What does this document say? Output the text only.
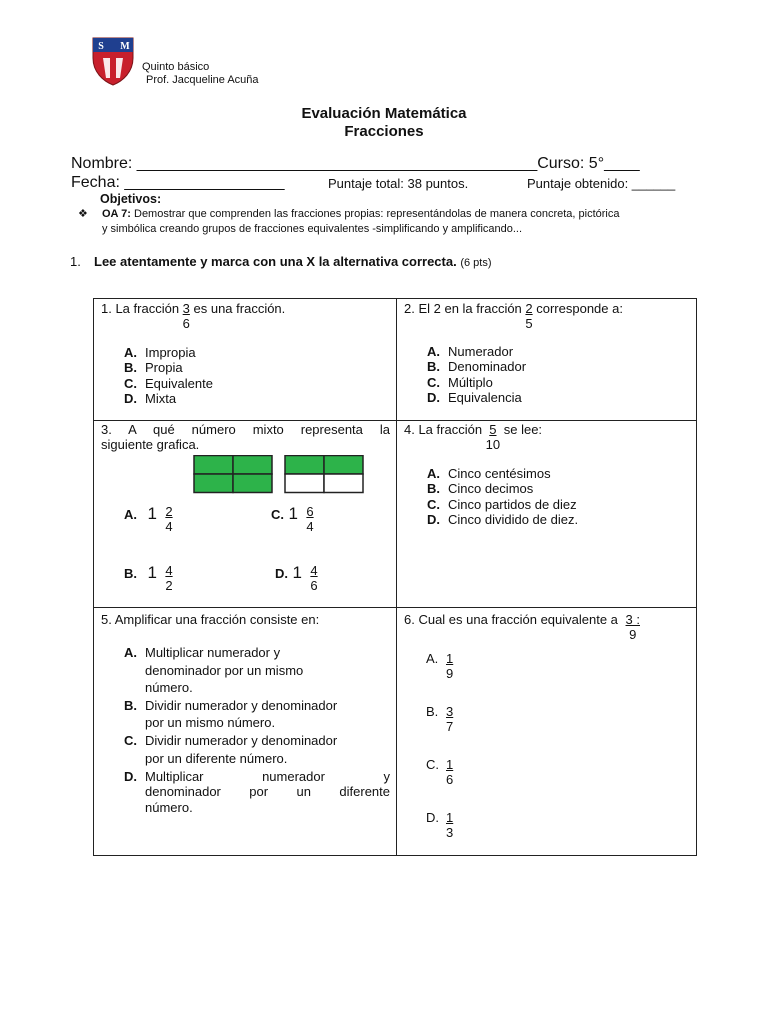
S M
Quinto básico
Prof. Jacqueline Acuña
Evaluación Matemática
Fracciones
Nombre: _____________________________________________Curso: 5°____
Fecha: __________________	Puntaje total: 38 puntos.	Puntaje obtenido: ______
Objetivos:
❖ OA 7: Demostrar que comprenden las fracciones propias: representándolas de manera concreta, pictórica
y simbólica creando grupos de fracciones equivalentes -simplificando y amplificando...
1. Lee atentamente y marca con una X la alternativa correcta. (6 pts)
1. La fracción $\frac{3}{6}$ es una fracción.
A. Impropia
B. Propia
C. Equivalente
D. Mixta
2. El 2 en la fracción $\frac{2}{5}$ corresponde a:
A. Numerador
B. Denominador
C. Múltiplo
D. Equivalencia
3. A qué número mixto representa la
siguiente grafica.
A. $1 \frac{2}{4}$	C. $1 \frac{6}{4}$
B. $1 \frac{4}{2}$	D. $1 \frac{4}{6}$
4. La fracción $\frac{5}{10}$ se lee:
A. Cinco centésimos
B. Cinco decimos
C. Cinco partidos de diez
D. Cinco dividido de diez.
5. Amplificar una fracción consiste en:
A. Multiplicar numerador y
denominador por un mismo
número.
B. Dividir numerador y denominador
por un mismo número.
C. Dividir numerador y denominador
por un diferente número.
D. Multiplicar numerador y
denominador por un diferente
número.
6. Cual es una fracción equivalente a $\frac{3 :}{9}$
A. $\frac{1}{9}$
B. $\frac{3}{7}$
C. $\frac{1}{6}$
D. $\frac{1}{3}$
